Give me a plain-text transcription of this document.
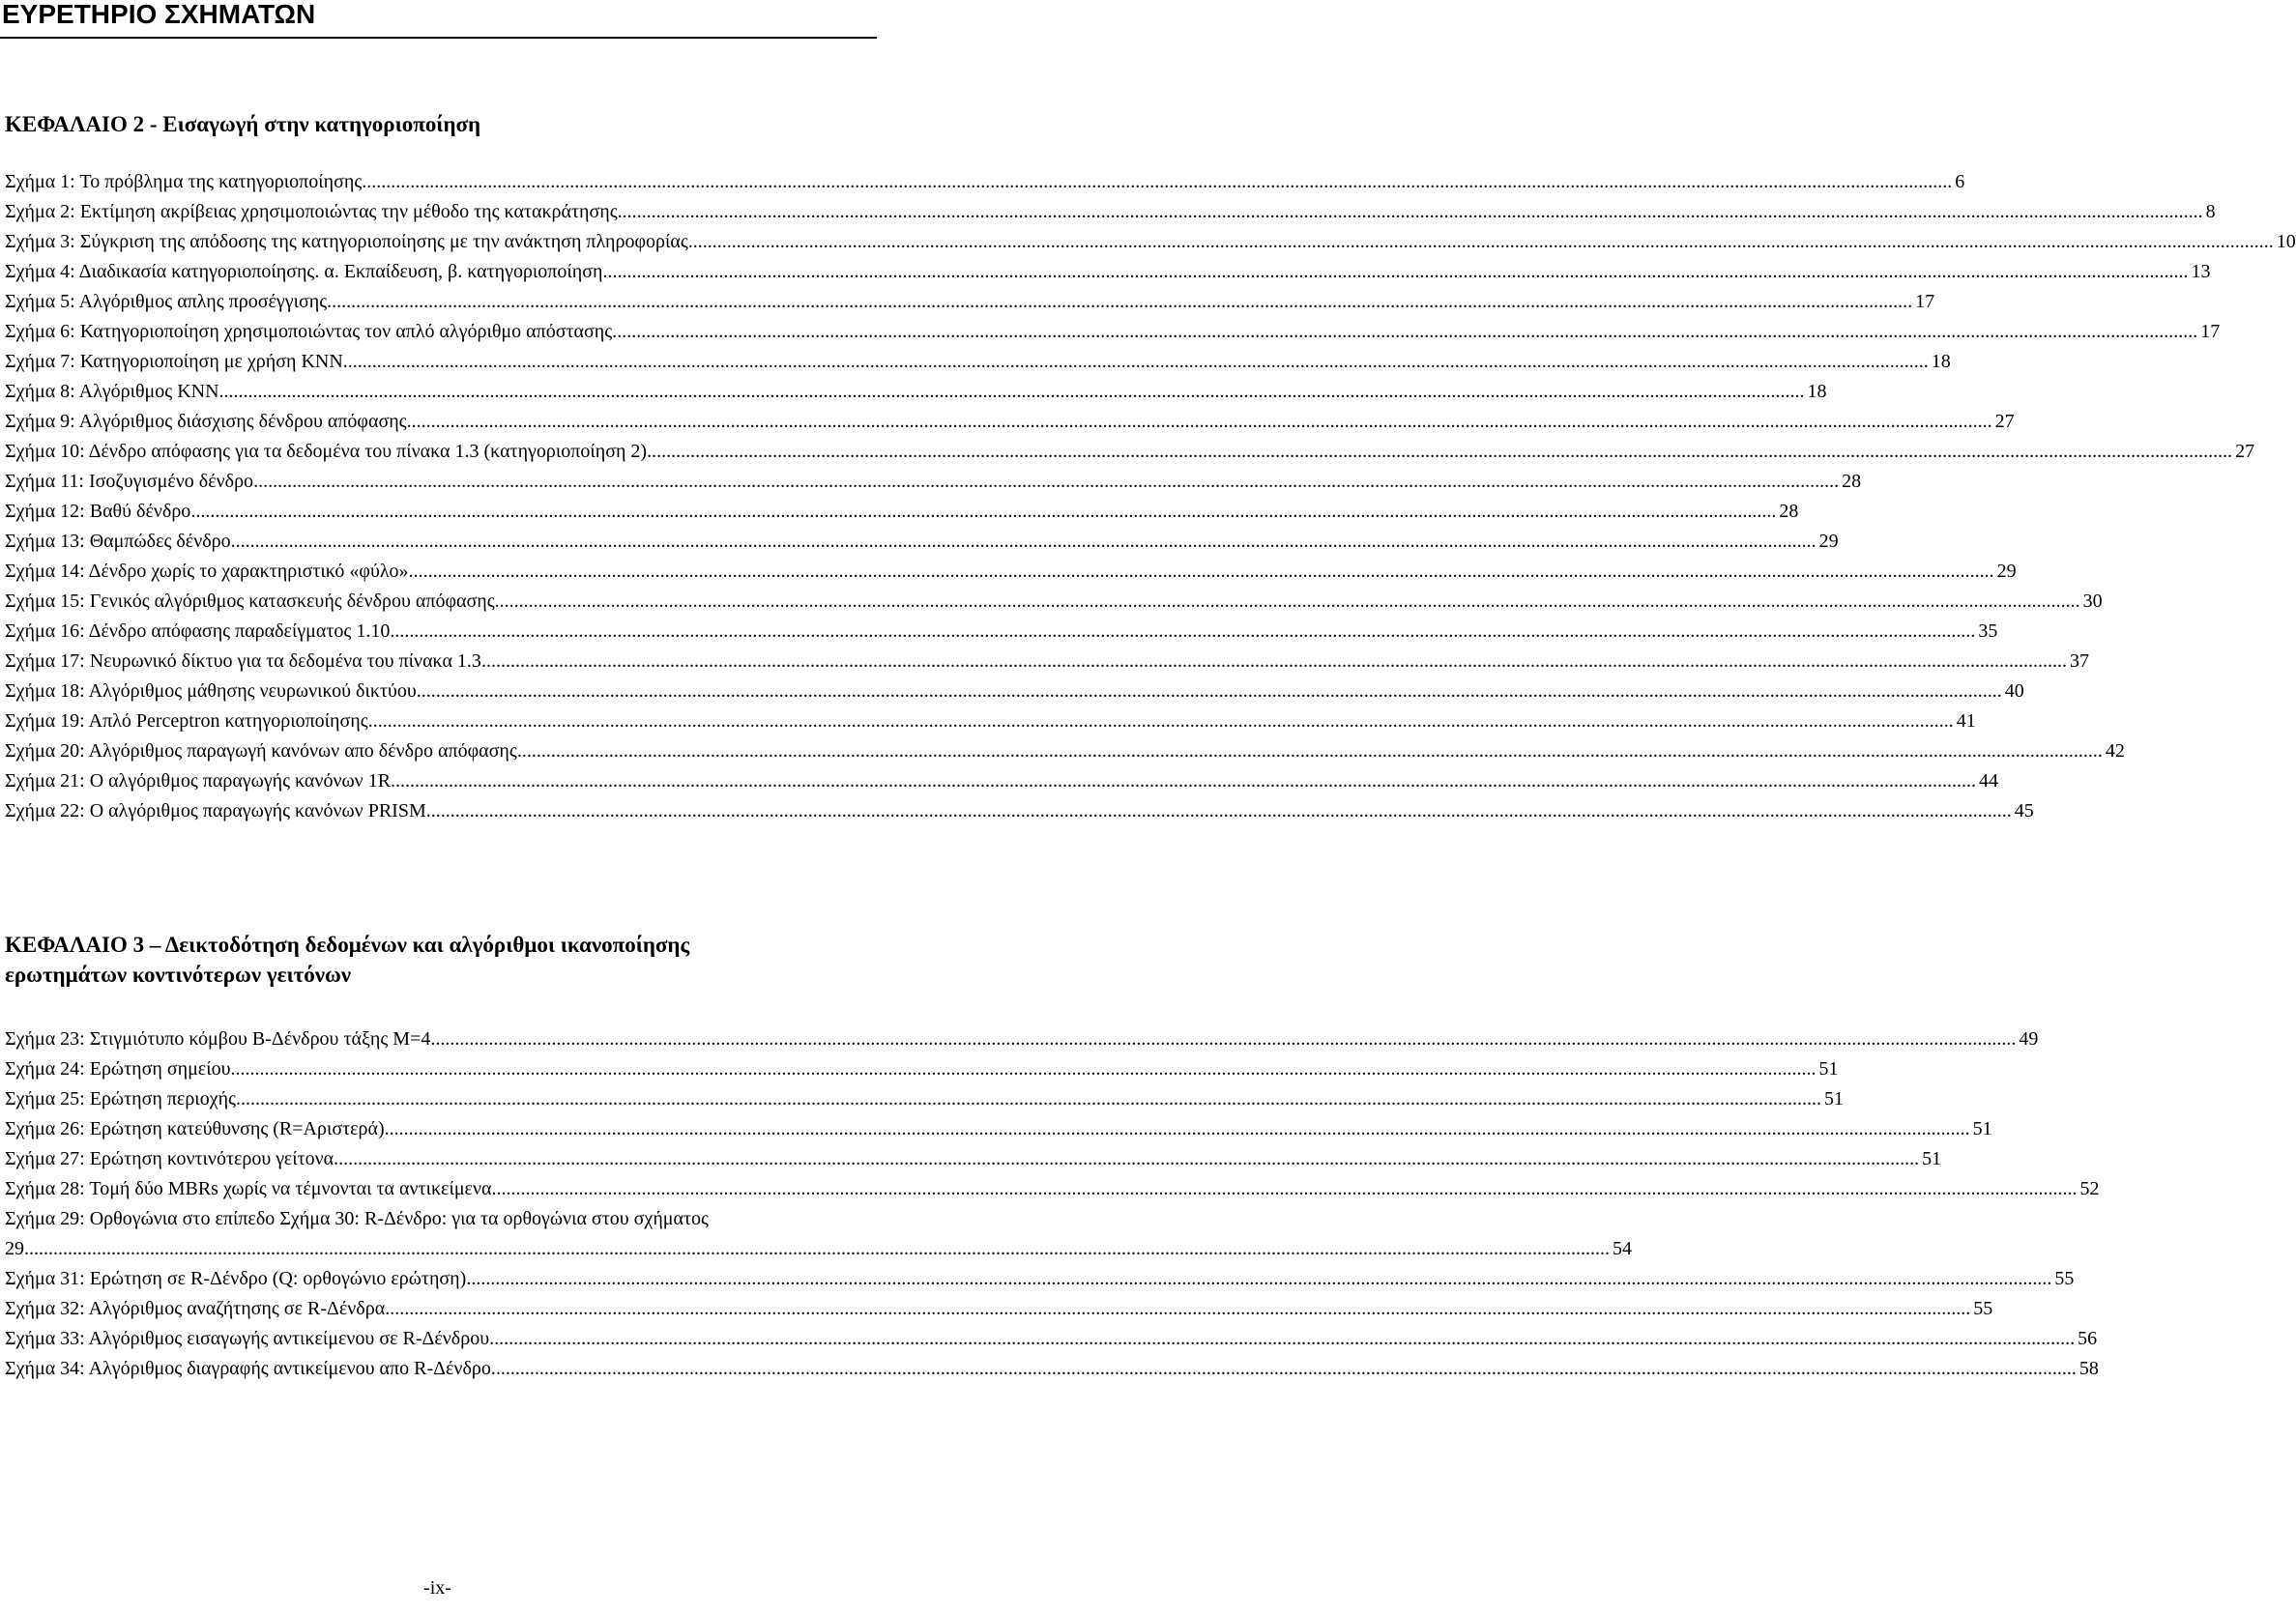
ΕΥΡΕΤΗΡΙΟ ΣΧΗΜΑΤΩΝ
ΚΕΦΑΛΑΙΟ 2 - Εισαγωγή στην κατηγοριοποίηση
Σχήμα 1: Το πρόβλημα της κατηγοριοποίησης. .....	6
Σχήμα 2: Εκτίμηση ακρίβειας χρησιμοποιώντας την μέθοδο της κατακράτησης .....	8
Σχήμα 3: Σύγκριση της απόδοσης της κατηγοριοποίησης με την ανάκτηση πληροφορίας .....	10
Σχήμα 4: Διαδικασία κατηγοριοποίησης. α. Εκπαίδευση, β. κατηγοριοποίηση .....	13
Σχήμα 5: Αλγόριθμος απλης προσέγγισης .....	17
Σχήμα 6: Κατηγοριοποίηση χρησιμοποιώντας τον απλό αλγόριθμο απόστασης .....	17
Σχήμα 7: Κατηγοριοποίηση με χρήση KNN .....	18
Σχήμα 8: Αλγόριθμος KNN .....	18
Σχήμα 9: Αλγόριθμος διάσχισης δένδρου απόφασης .....	27
Σχήμα 10: Δένδρο απόφασης για τα δεδομένα του πίνακα 1.3 (κατηγοριοποίηση 2) .....	27
Σχήμα 11: Ισοζυγισμένο δένδρο .....	28
Σχήμα 12: Βαθύ δένδρο .....	28
Σχήμα 13: Θαμπώδες δένδρο .....	29
Σχήμα 14: Δένδρο χωρίς το χαρακτηριστικό «φύλο» .....	29
Σχήμα 15: Γενικός αλγόριθμος κατασκευής δένδρου απόφασης .....	30
Σχήμα 16: Δένδρο απόφασης παραδείγματος 1.10 .....	35
Σχήμα 17: Νευρωνικό δίκτυο για τα δεδομένα του πίνακα 1.3 .....	37
Σχήμα 18: Αλγόριθμος μάθησης νευρωνικού δικτύου .....	40
Σχήμα 19: Απλό Perceptron κατηγοριοποίησης .....	41
Σχήμα 20: Αλγόριθμος παραγωγή κανόνων απο δένδρο απόφασης .....	42
Σχήμα 21: Ο αλγόριθμος παραγωγής κανόνων 1R .....	44
Σχήμα 22: Ο αλγόριθμος παραγωγής κανόνων PRISM .....	45
ΚΕΦΑΛΑΙΟ 3 – Δεικτοδότηση δεδομένων και αλγόριθμοι ικανοποίησης
ερωτημάτων κοντινότερων γειτόνων
Σχήμα 23: Στιγμιότυπο κόμβου B-Δένδρου τάξης M=4 .....	49
Σχήμα 24: Ερώτηση σημείου .....	51
Σχήμα 25: Ερώτηση περιοχής .....	51
Σχήμα 26: Ερώτηση κατεύθυνσης (R=Αριστερά) .....	51
Σχήμα 27: Ερώτηση κοντινότερου γείτονα .....	51
Σχήμα 28: Τομή δύο MBRs χωρίς να τέμνονται τα αντικείμενα .....	52
Σχήμα 29: Ορθογώνια στο επίπεδο Σχήμα 30: R-Δένδρο: για τα ορθογώνια στου σχήματος
29 .....	54
Σχήμα 31: Ερώτηση σε R-Δένδρο (Q: ορθογώνιο ερώτηση) .....	55
Σχήμα 32: Αλγόριθμος αναζήτησης σε R-Δένδρα .....	55
Σχήμα 33: Αλγόριθμος εισαγωγής αντικείμενου σε R-Δένδρου .....	56
Σχήμα 34: Αλγόριθμος διαγραφής αντικείμενου απο R-Δένδρο .....	58
-ix-
